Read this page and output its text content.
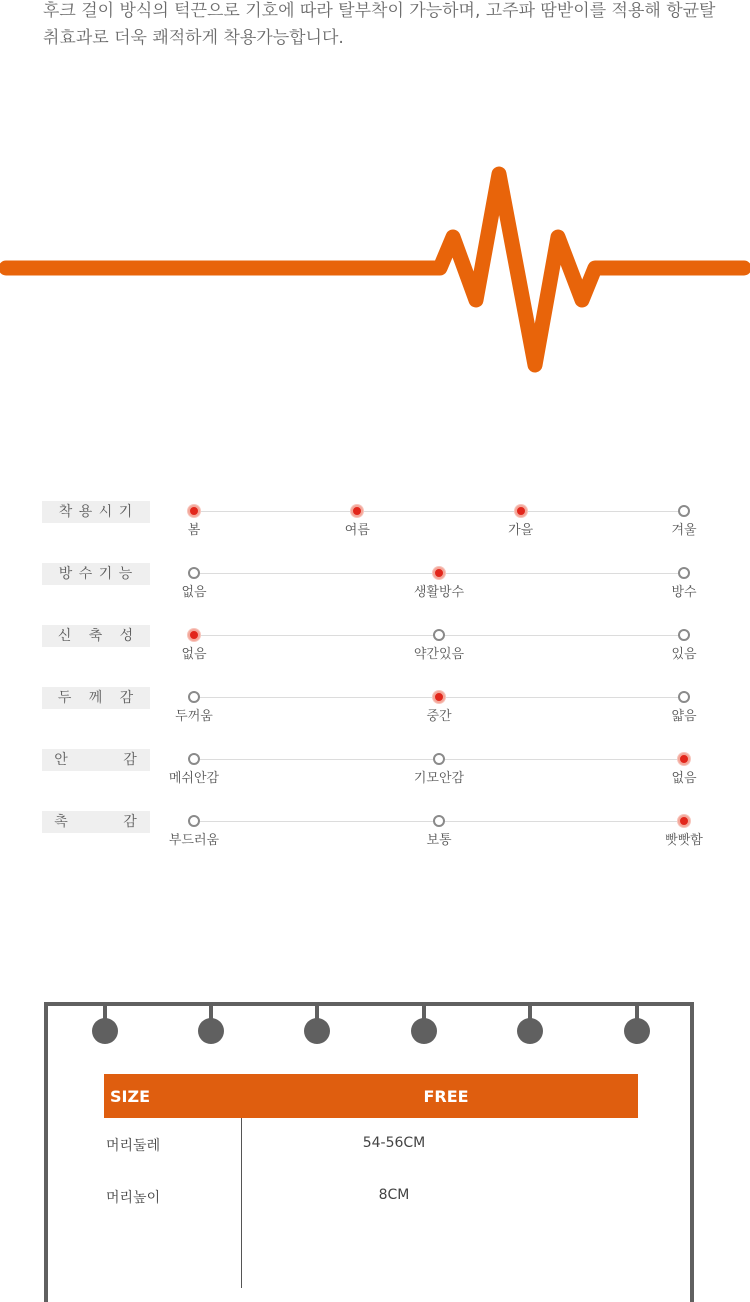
후크 걸이 방식의 턱끈으로 기호에 따라 탈부착이 가능하며, 고주파 땀받이를 적용해 항균탈취효과로 더욱 쾌적하게 착용가능합니다.

착 용 시 기
봄	여름	가을	겨울
방 수 기 능
없음	생활방수	방수
신   축   성
없음	약간있음	있음
두   께   감
두꺼움	중간	얇음
안          감
메쉬안감	기모안감	없음
촉          감
부드러움	보통	빳빳함
SIZE	FREE
머리둘레	54-56CM
머리높이	8CM
